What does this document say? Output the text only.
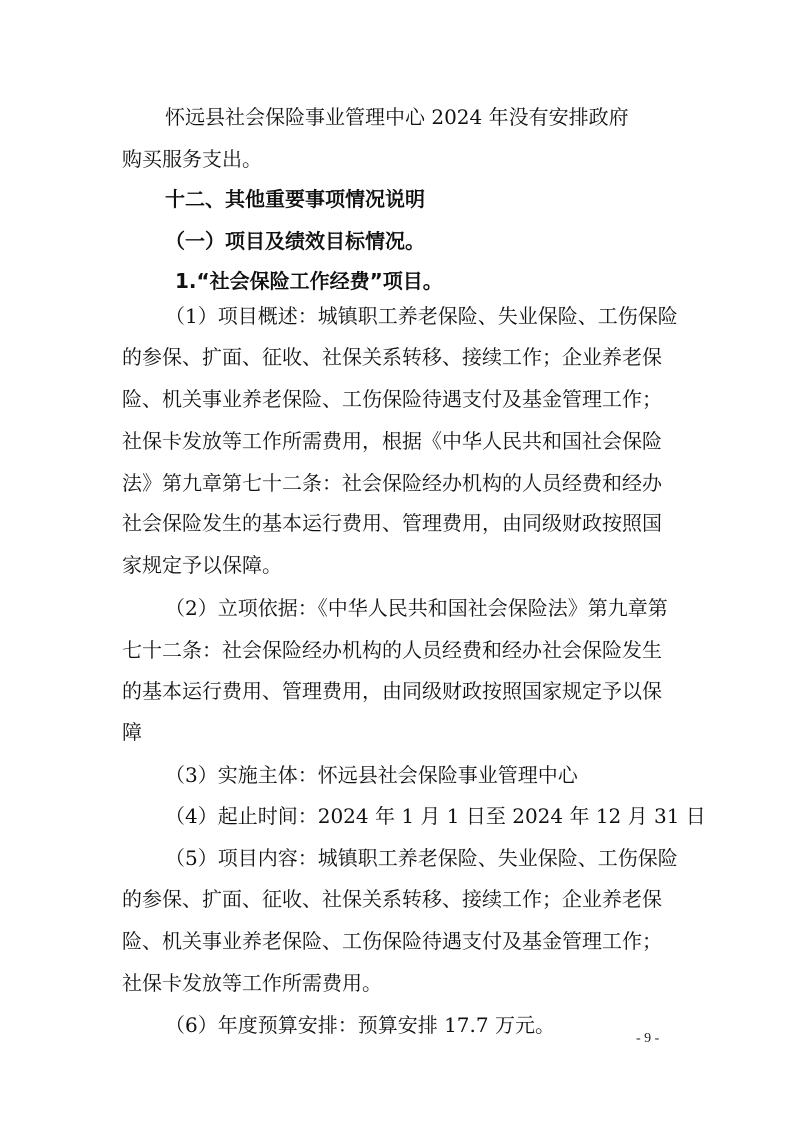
怀远县社会保险事业管理中心 2024 年没有安排政府
购买服务支出。
十二、其他重要事项情况说明
（一）项目及绩效目标情况。
1.“社会保险工作经费”项目。
（1）项目概述：城镇职工养老保险、失业保险、工伤保险
的参保、扩面、征收、社保关系转移、接续工作；企业养老保
险、机关事业养老保险、工伤保险待遇支付及基金管理工作；
社保卡发放等工作所需费用，根据《中华人民共和国社会保险
法》第九章第七十二条：社会保险经办机构的人员经费和经办
社会保险发生的基本运行费用、管理费用，由同级财政按照国
家规定予以保障。
（2）立项依据：《中华人民共和国社会保险法》第九章第
七十二条：社会保险经办机构的人员经费和经办社会保险发生
的基本运行费用、管理费用，由同级财政按照国家规定予以保
障
（3）实施主体：怀远县社会保险事业管理中心
（4）起止时间：2024 年 1 月 1 日至 2024 年 12 月 31 日
（5）项目内容：城镇职工养老保险、失业保险、工伤保险
的参保、扩面、征收、社保关系转移、接续工作；企业养老保
险、机关事业养老保险、工伤保险待遇支付及基金管理工作；
社保卡发放等工作所需费用。
（6）年度预算安排：预算安排 17.7 万元。
- 9 -
